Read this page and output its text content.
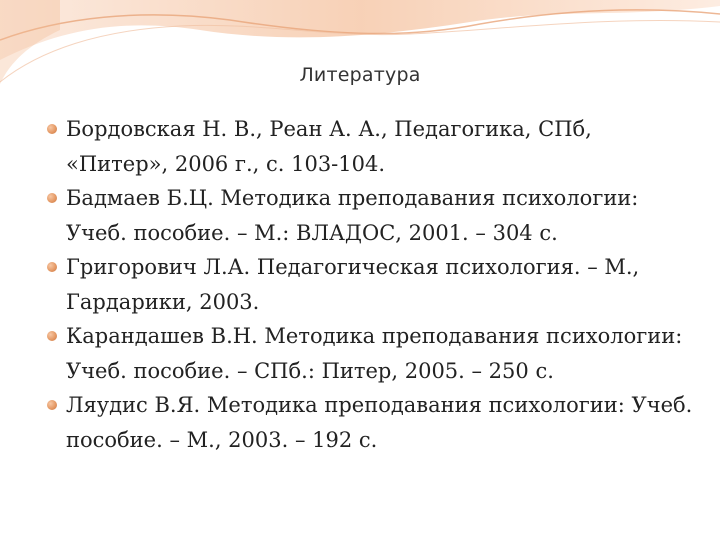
Литература
Бордовская Н. В., Реан А. А., Педагогика, СПб, «Питер», 2006 г., с. 103-104.
Бадмаев Б.Ц. Методика преподавания психологии: Учеб. пособие. – М.: ВЛАДОС, 2001. – 304 с.
Григорович Л.А. Педагогическая психология. – М., Гардарики, 2003.
Карандашев В.Н. Методика преподавания психологии: Учеб. пособие. – СПб.: Питер, 2005. – 250 с.
Ляудис В.Я. Методика преподавания психологии: Учеб. пособие. – М., 2003. – 192 с.
